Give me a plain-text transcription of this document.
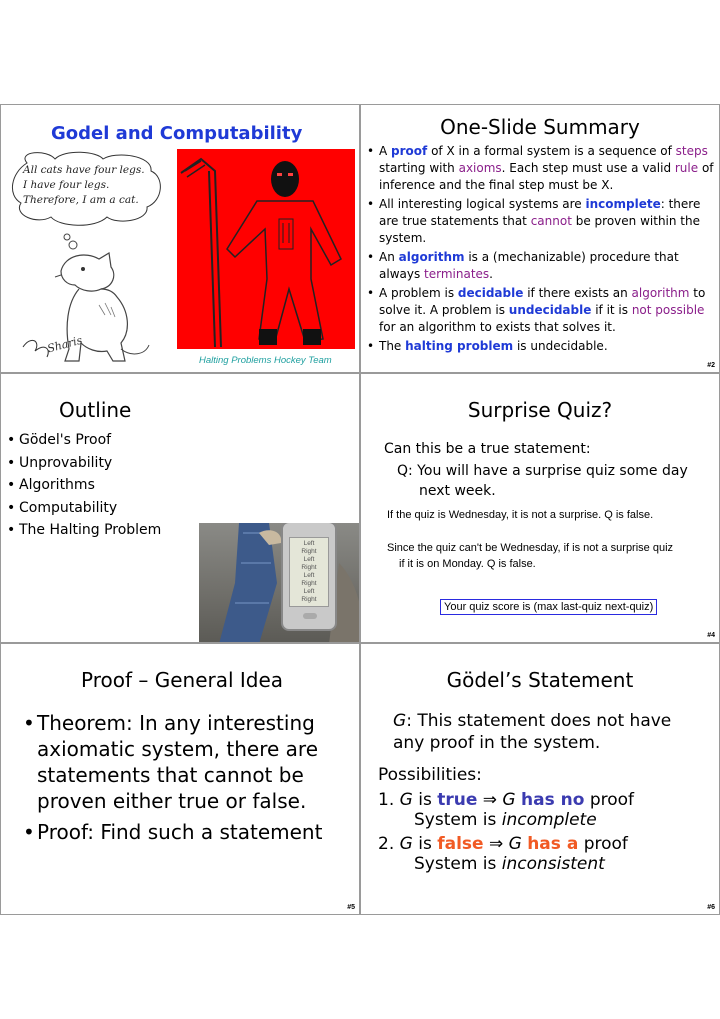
Godel and Computability
All cats have four legs.
I have four legs.
Therefore, I am a cat.
Sharis
Halting Problems Hockey Team
One-Slide Summary
• A proof of X in a formal system is a sequence of steps starting with axioms. Each step must use a valid rule of inference and the final step must be X.
• All interesting logical systems are incomplete: there are true statements that cannot be proven within the system.
• An algorithm is a (mechanizable) procedure that always terminates.
• A problem is decidable if there exists an algorithm to solve it. A problem is undecidable if it is not possible for an algorithm to exists that solves it.
• The halting problem is undecidable.
#2
Outline
• Gödel's Proof
• Unprovability
• Algorithms
• Computability
• The Halting Problem
Left
Right
Left
Right
Left
Right
Left
Right
Surprise Quiz?
Can this be a true statement:
Q: You will have a surprise quiz some day
next week.
If the quiz is Wednesday, it is not a surprise. Q is false.
Since the quiz can't be Wednesday, if is not a surprise quiz
if it is on Monday. Q is false.
Your quiz score is (max last-quiz next-quiz)
#4
Proof – General Idea
• Theorem: In any interesting
axiomatic system, there are
statements that cannot be
proven either true or false.
• Proof: Find such a statement
#5
Gödel’s Statement
G: This statement does not have
any proof in the system.
Possibilities:
1. G is true ⇒ G has no proof
System is incomplete
2. G is false ⇒ G has a proof
System is inconsistent
#6
